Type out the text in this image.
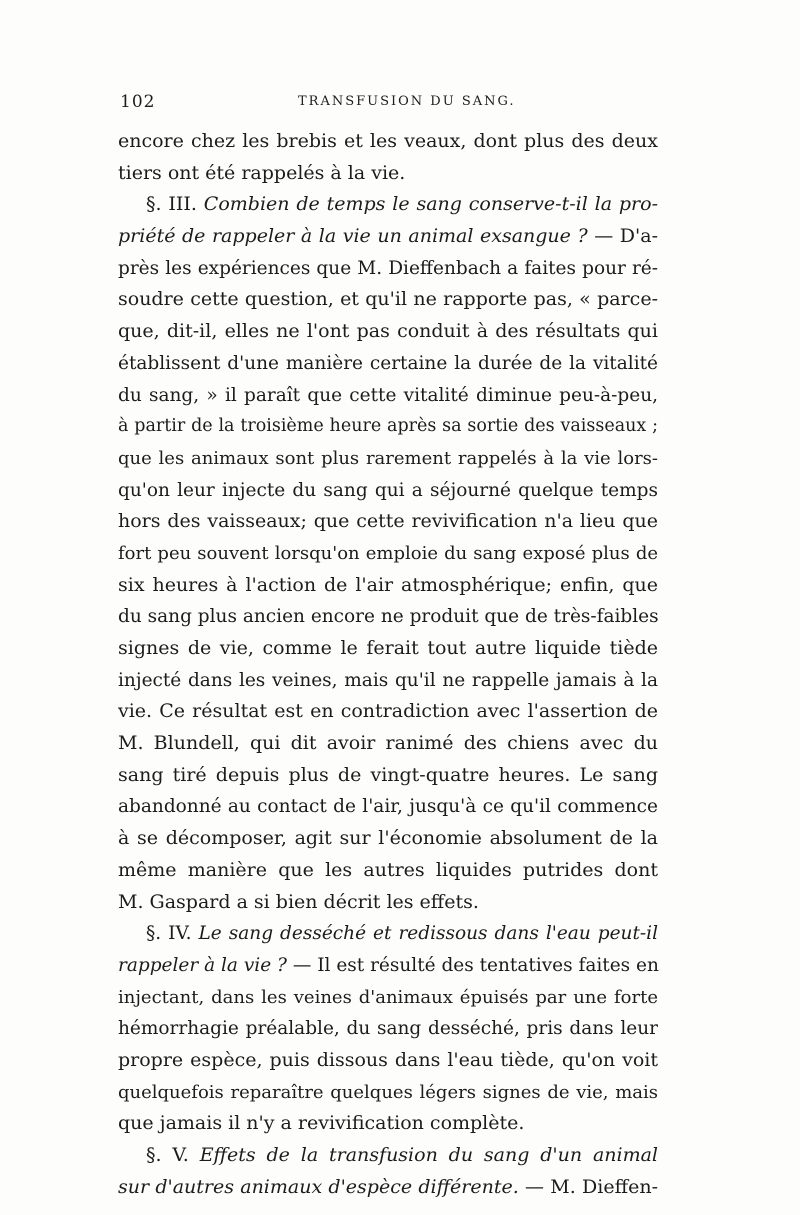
102	TRANSFUSION DU SANG.
encore chez les brebis et les veaux, dont plus des deux
tiers ont été rappelés à la vie.
§. III. Combien de temps le sang conserve-t-il la pro-
priété de rappeler à la vie un animal exsangue ? — D'a-
près les expériences que M. Dieffenbach a faites pour ré-
soudre cette question, et qu'il ne rapporte pas, « parce-
que, dit-il, elles ne l'ont pas conduit à des résultats qui
établissent d'une manière certaine la durée de la vitalité
du sang, » il paraît que cette vitalité diminue peu-à-peu,
à partir de la troisième heure après sa sortie des vaisseaux ;
que les animaux sont plus rarement rappelés à la vie lors-
qu'on leur injecte du sang qui a séjourné quelque temps
hors des vaisseaux; que cette revivification n'a lieu que
fort peu souvent lorsqu'on emploie du sang exposé plus de
six heures à l'action de l'air atmosphérique; enfin, que
du sang plus ancien encore ne produit que de très-faibles
signes de vie, comme le ferait tout autre liquide tiède
injecté dans les veines, mais qu'il ne rappelle jamais à la
vie. Ce résultat est en contradiction avec l'assertion de
M. Blundell, qui dit avoir ranimé des chiens avec du
sang tiré depuis plus de vingt-quatre heures. Le sang
abandonné au contact de l'air, jusqu'à ce qu'il commence
à se décomposer, agit sur l'économie absolument de la
même manière que les autres liquides putrides dont
M. Gaspard a si bien décrit les effets.
§. IV. Le sang desséché et redissous dans l'eau peut-il
rappeler à la vie ? — Il est résulté des tentatives faites en
injectant, dans les veines d'animaux épuisés par une forte
hémorrhagie préalable, du sang desséché, pris dans leur
propre espèce, puis dissous dans l'eau tiède, qu'on voit
quelquefois reparaître quelques légers signes de vie, mais
que jamais il n'y a revivification complète.
§. V. Effets de la transfusion du sang d'un animal
sur d'autres animaux d'espèce différente. — M. Dieffen-
